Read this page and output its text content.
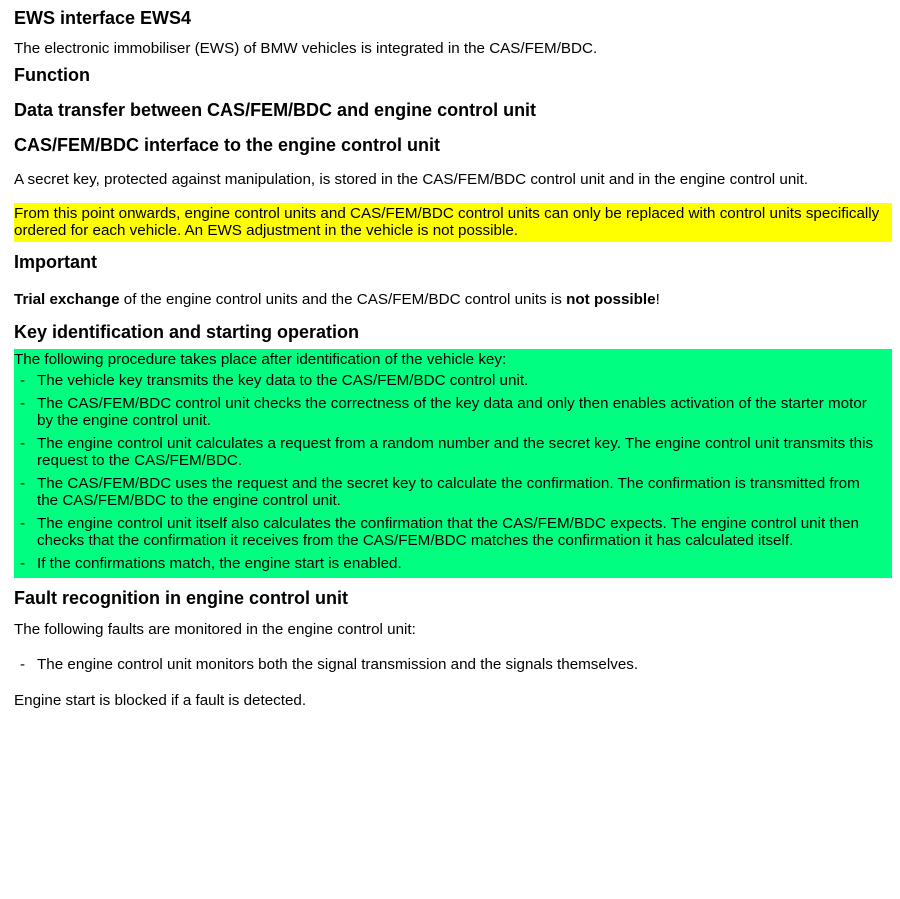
EWS interface EWS4

The electronic immobiliser (EWS) of BMW vehicles is integrated in the CAS/FEM/BDC.

Function
Data transfer between CAS/FEM/BDC and engine control unit
CAS/FEM/BDC interface to the engine control unit

A secret key, protected against manipulation, is stored in the CAS/FEM/BDC control unit and in the engine control unit.

From this point onwards, engine control units and CAS/FEM/BDC control units can only be replaced with control units specifically ordered for each vehicle. An EWS adjustment in the vehicle is not possible.

Important

Trial exchange of the engine control units and the CAS/FEM/BDC control units is not possible!

Key identification and starting operation

The following procedure takes place after identification of the vehicle key:

- The vehicle key transmits the key data to the CAS/FEM/BDC control unit.
- The CAS/FEM/BDC control unit checks the correctness of the key data and only then enables activation of the starter motor by the engine control unit.
- The engine control unit calculates a request from a random number and the secret key. The engine control unit transmits this request to the CAS/FEM/BDC.
- The CAS/FEM/BDC uses the request and the secret key to calculate the confirmation. The confirmation is transmitted from the CAS/FEM/BDC to the engine control unit.
- The engine control unit itself also calculates the confirmation that the CAS/FEM/BDC expects. The engine control unit then checks that the confirmation it receives from the CAS/FEM/BDC matches the confirmation it has calculated itself.
- If the confirmations match, the engine start is enabled.
Fault recognition in engine control unit

The following faults are monitored in the engine control unit:

- The engine control unit monitors both the signal transmission and the signals themselves.

Engine start is blocked if a fault is detected.
